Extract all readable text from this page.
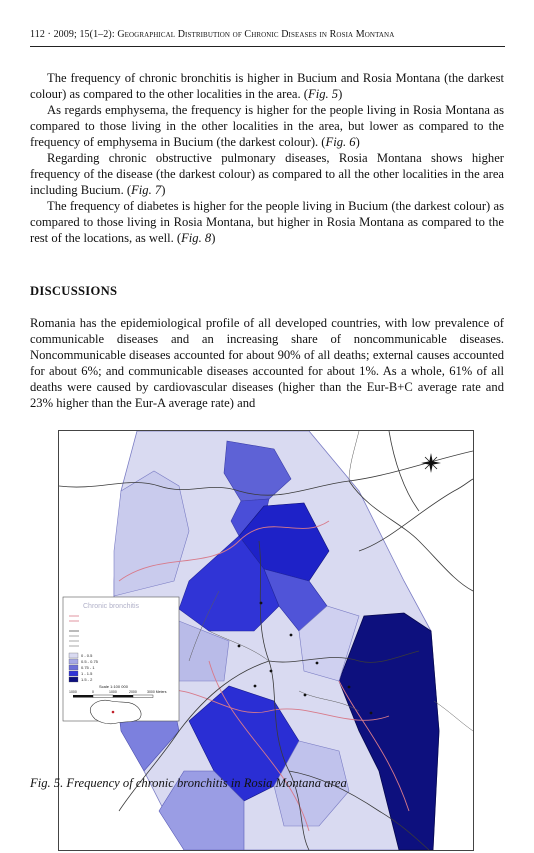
112 · 2009; 15(1–2): Geographical Distribution of Chronic Diseases in Rosia Montana

The frequency of chronic bronchitis is higher in Bucium and Rosia Montana (the darkest colour) as compared to the other localities in the area. (Fig. 5)

As regards emphysema, the frequency is higher for the people living in Rosia Montana as compared to those living in the other localities in the area, but lower as compared to the frequency of emphysema in Bucium (the darkest colour). (Fig. 6)

Regarding chronic obstructive pulmonary diseases, Rosia Montana shows higher frequency of the disease (the darkest colour) as compared to all the other localities in the area including Bucium. (Fig. 7)

The frequency of diabetes is higher for the people living in Bucium (the darkest colour) as compared to those living in Rosia Montana, but higher in Rosia Montana as compared to the rest of the locations, as well. (Fig. 8)

DISCUSSIONS

Romania has the epidemiological profile of all developed countries, with low prevalence of communicable diseases and an increasing share of noncommunicable diseases. Noncommunicable diseases accounted for about 90% of all deaths; external causes accounted for about 6%; and communicable diseases accounted for about 1%. As a whole, 61% of all deaths were caused by cardiovascular diseases (higher than the Eur-B+C average rate and 23% higher than the Eur-A average rate) and

Chronic bronchitis
0 - 0.5
0.5 - 0.75
0.75 - 1
1 - 1.5
1.5 - 2
Scale 1:100 000
1000	0	1000	2000	3000 Meters
Fig. 5. Frequency of chronic bronchitis in Rosia Montana area
